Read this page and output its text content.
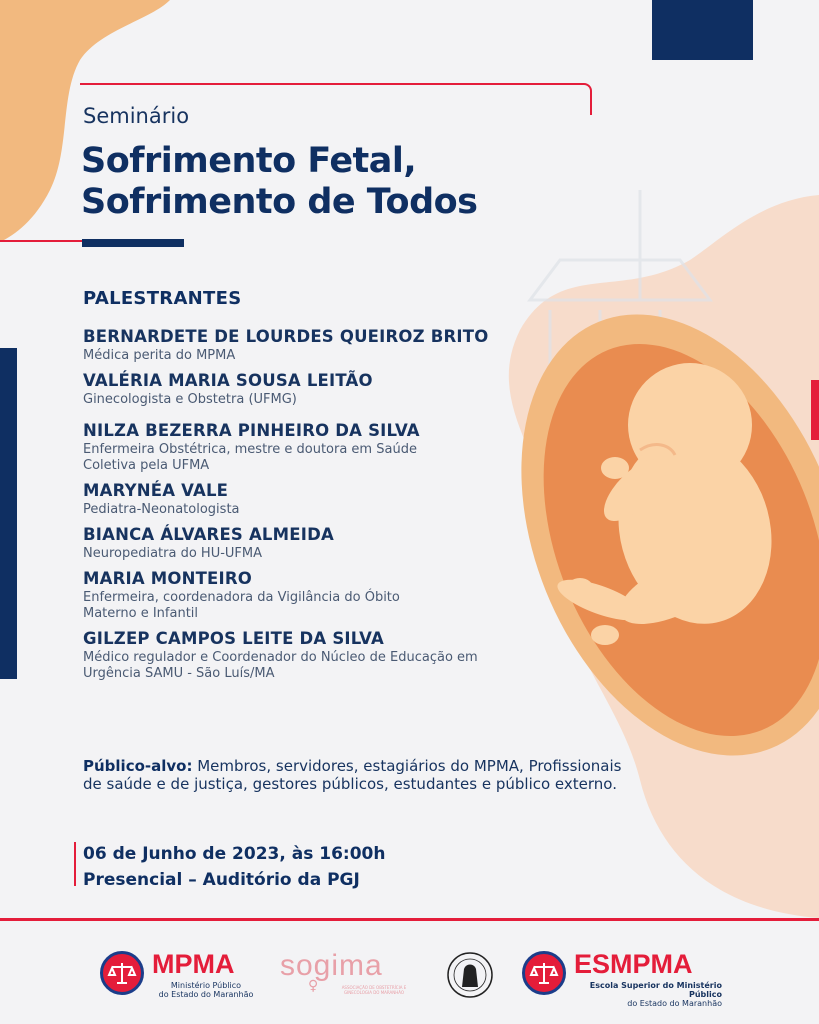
Seminário
Sofrimento Fetal,
Sofrimento de Todos
PALESTRANTES
BERNARDETE DE LOURDES QUEIROZ BRITO
Médica perita do MPMA
VALÉRIA MARIA SOUSA LEITÃO
Ginecologista e Obstetra (UFMG)
NILZA BEZERRA PINHEIRO DA SILVA
Enfermeira Obstétrica, mestre e doutora em Saúde Coletiva pela UFMA
MARYNÉA VALE
Pediatra-Neonatologista
BIANCA ÁLVARES ALMEIDA
Neuropediatra do HU-UFMA
MARIA MONTEIRO
Enfermeira, coordenadora da Vigilância do Óbito Materno e Infantil
GILZEP CAMPOS LEITE DA SILVA
Médico regulador e Coordenador do Núcleo de Educação em Urgência SAMU - São Luís/MA
Público-alvo: Membros, servidores, estagiários do MPMA, Profissionais de saúde e de justiça, gestores públicos, estudantes e público externo.
06 de Junho de 2023, às 16:00h
Presencial – Auditório da PGJ
MPMA
Ministério Público
do Estado do Maranhão
sogima
♀	ASSOCIAÇÃO DE OBSTETRÍCIA E GINECOLOGIA DO MARANHÃO
ESMPMA
Escola Superior do Ministério Público
do Estado do Maranhão
